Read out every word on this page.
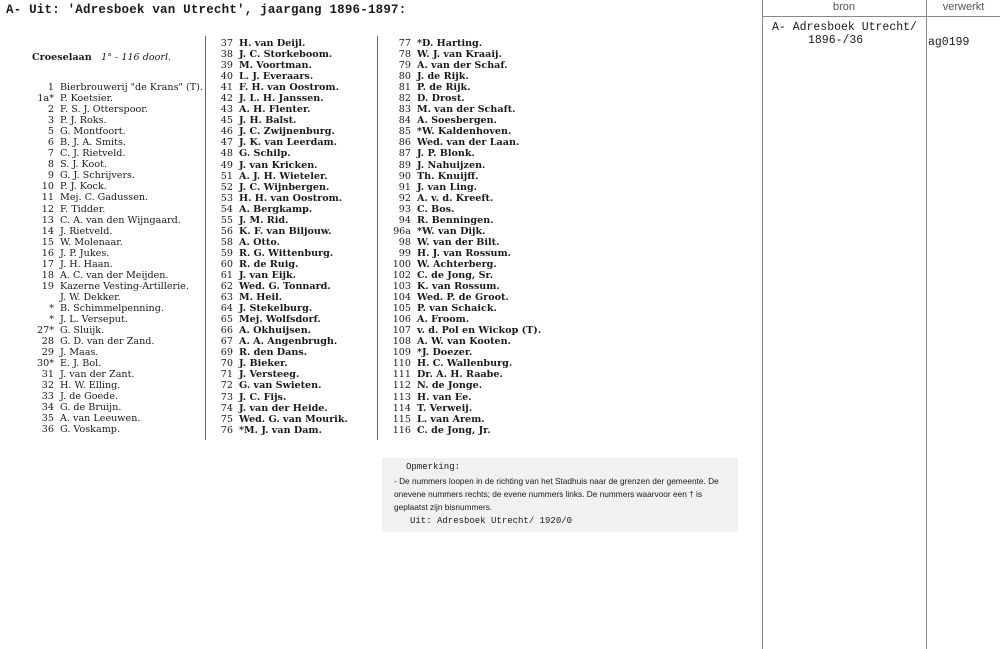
A- Uit: 'Adresboek van Utrecht', jaargang 1896-1897:
1 Bierbrouwerij "de Krans" (T).
1a* P. Koetsier.
2 F. S. J. Otterspoor.
3 P. J. Roks.
5 G. Montfoort.
6 B. J. A. Smits.
7 C. J. Rietveld.
8 S. J. Koot.
9 G. J. Schrijvers.
10 P. J. Kock.
11 Mej. C. Gadussen.
12 F. Tidder.
13 C. A. van den Wijngaard.
14 J. Rietveld.
15 W. Molenaar.
16 J. P. Jukes.
17 J. H. Haan.
18 A. C. van der Meijden.
19 Kazerne Vesting-Artillerie.
J. W. Dekker.
* B. Schimmelpenning.
* J. L. Verseput.
27* G. Sluijk.
28 G. D. van der Zand.
29 J. Maas.
30* E. J. Bol.
31 J. van der Zant.
32 H. W. Elling.
33 J. de Goede.
34 G. de Bruijn.
35 A. van Leeuwen.
36 G. Voskamp.
Croeselaan 1° - 116 doorl.
37 H. van Deijl.
38 J. C. Storkeboom.
39 M. Voortman.
40 L. J. Everaars.
41 F. H. van Oostrom.
42 J. L. H. Janssen.
43 A. H. Flenter.
45 J. H. Balst.
46 J. C. Zwijnenburg.
47 J. K. van Leerdam.
48 G. Schilp.
49 J. van Kricken.
51 A. J. H. Wieteler.
52 J. C. Wijnbergen.
53 H. H. van Oostrom.
54 A. Bergkamp.
55 J. M. Rid.
56 K. F. van Biljouw.
58 A. Otto.
59 R. G. Wittenburg.
60 R. de Ruig.
61 J. van Eijk.
62 Wed. G. Tonnard.
63 M. Heil.
64 J. Stekelburg.
65 Mej. Wolfsdorf.
66 A. Okhuijsen.
67 A. A. Angenbrugh.
69 R. den Dans.
70 J. Bieker.
71 J. Versteeg.
72 G. van Swieten.
73 J. C. Fijs.
74 J. van der Heide.
75 Wed. G. van Mourik.
76 *M. J. van Dam.
77 *D. Harting.
78 W. J. van Kraaij.
79 A. van der Schaf.
80 J. de Rijk.
81 P. de Rijk.
82 D. Drost.
83 M. van der Schaft.
84 A. Soesbergen.
85 *W. Kaldenhoven.
86 Wed. van der Laan.
87 J. P. Blonk.
89 J. Nahuijzen.
90 Th. Knuijff.
91 J. van Ling.
92 A. v. d. Kreeft.
93 C. Bos.
94 R. Benningen.
96a *W. van Dijk.
98 W. van der Bilt.
99 H. J. van Rossum.
100 W. Achterberg.
102 C. de Jong, Sr.
103 K. van Rossum.
104 Wed. P. de Groot.
105 P. van Schaick.
106 A. Froom.
107 v. d. Pol en Wickop (T).
108 A. W. van Kooten.
109 *J. Doezer.
110 H. C. Wallenburg.
111 Dr. A. H. Raabe.
112 N. de Jonge.
113 H. van Ee.
114 T. Verweij.
115 L. van Arem.
116 C. de Jong, Jr.
Opmerking:
- De nummers loopen in de richting van het Stadhuis naar de grenzen der gemeente. De onevene nummers rechts; de evene nummers links. De nummers waarvoor een † is geplaatst zijn bisnummers.
Uit: Adresboek Utrecht/ 1920/0
bron	verwerkt
A- Adresboek Utrecht/
1896-/36	ag0199
